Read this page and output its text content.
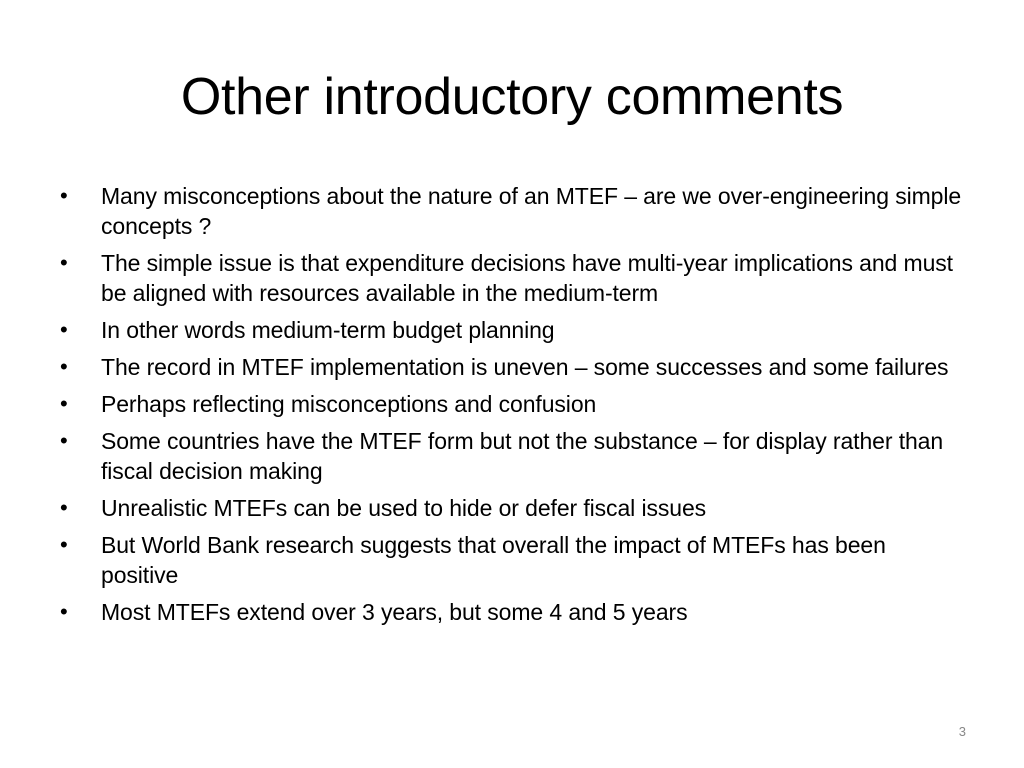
Other introductory comments
•	Many misconceptions about the nature of an MTEF – are we over-engineering simple concepts ?
•	The simple issue is that expenditure decisions have multi-year implications and must be aligned with resources available in the medium-term
•	In other words medium-term budget planning
•	The record in MTEF implementation is uneven – some successes and some failures
•	Perhaps reflecting misconceptions and confusion
•	Some countries have the MTEF form but not the substance – for display rather than fiscal decision making
•	Unrealistic MTEFs can be used to hide or defer fiscal issues
•	But World Bank research suggests that overall the impact of MTEFs has been positive
•	Most MTEFs extend over 3 years, but some 4 and 5 years
3
